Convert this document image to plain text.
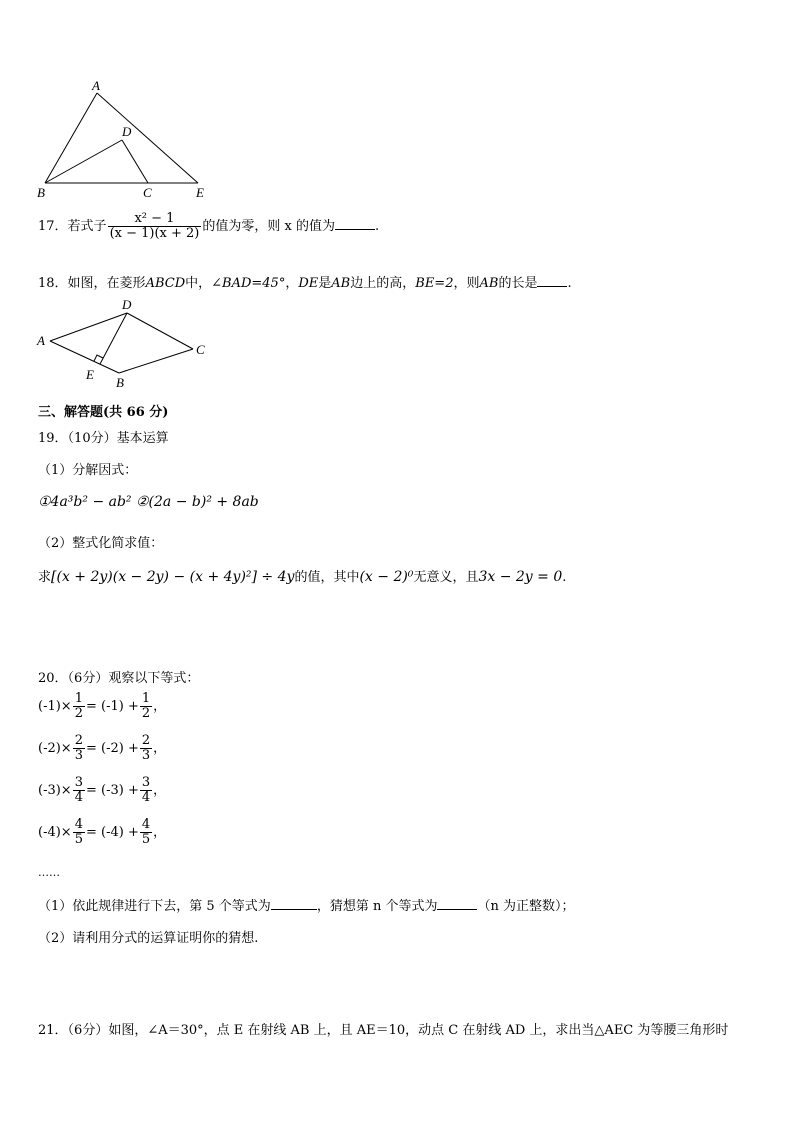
A
D
B	C	E
17．若式子 $\frac{\text{x² − 1}}{(x - 1)(x + 2)}$ 的值为零，则 x 的值为	.
18．如图，在菱形ABCD中，∠BAD=45°，DE是AB边上的高，BE=2，则AB的长是 .
D
A
C
E
B
三、解答题(共 66 分)
19．（10分）基本运算
（1）分解因式：
①4a³b² − ab² ②(2a − b)² + 8ab
（2）整式化简求值：
求[(x + 2y)(x − 2y) − (x + 4y)²] ÷ 4y的值，其中(x − 2)⁰无意义，且3x − 2y = 0.
20．（6分）观察以下等式：
$(-1)\times \frac{1}{2} = (-1) + \frac{1}{2}$ ，
$(-2)\times \frac{2}{3} = (-2) + \frac{2}{3}$ ，
$(-3)\times \frac{3}{4} = (-3) + \frac{3}{4}$ ，
$(-4)\times \frac{4}{5} = (-4) + \frac{4}{5}$ ，
……
（1）依此规律进行下去，第 5 个等式为	，猜想第 n 个等式为	（n 为正整数）；
（2）请利用分式的运算证明你的猜想.
21．（6分）如图，∠A＝30°，点 E 在射线 AB 上，且 AE＝10，动点 C 在射线 AD 上，求出当△AEC 为等腰三角形时
